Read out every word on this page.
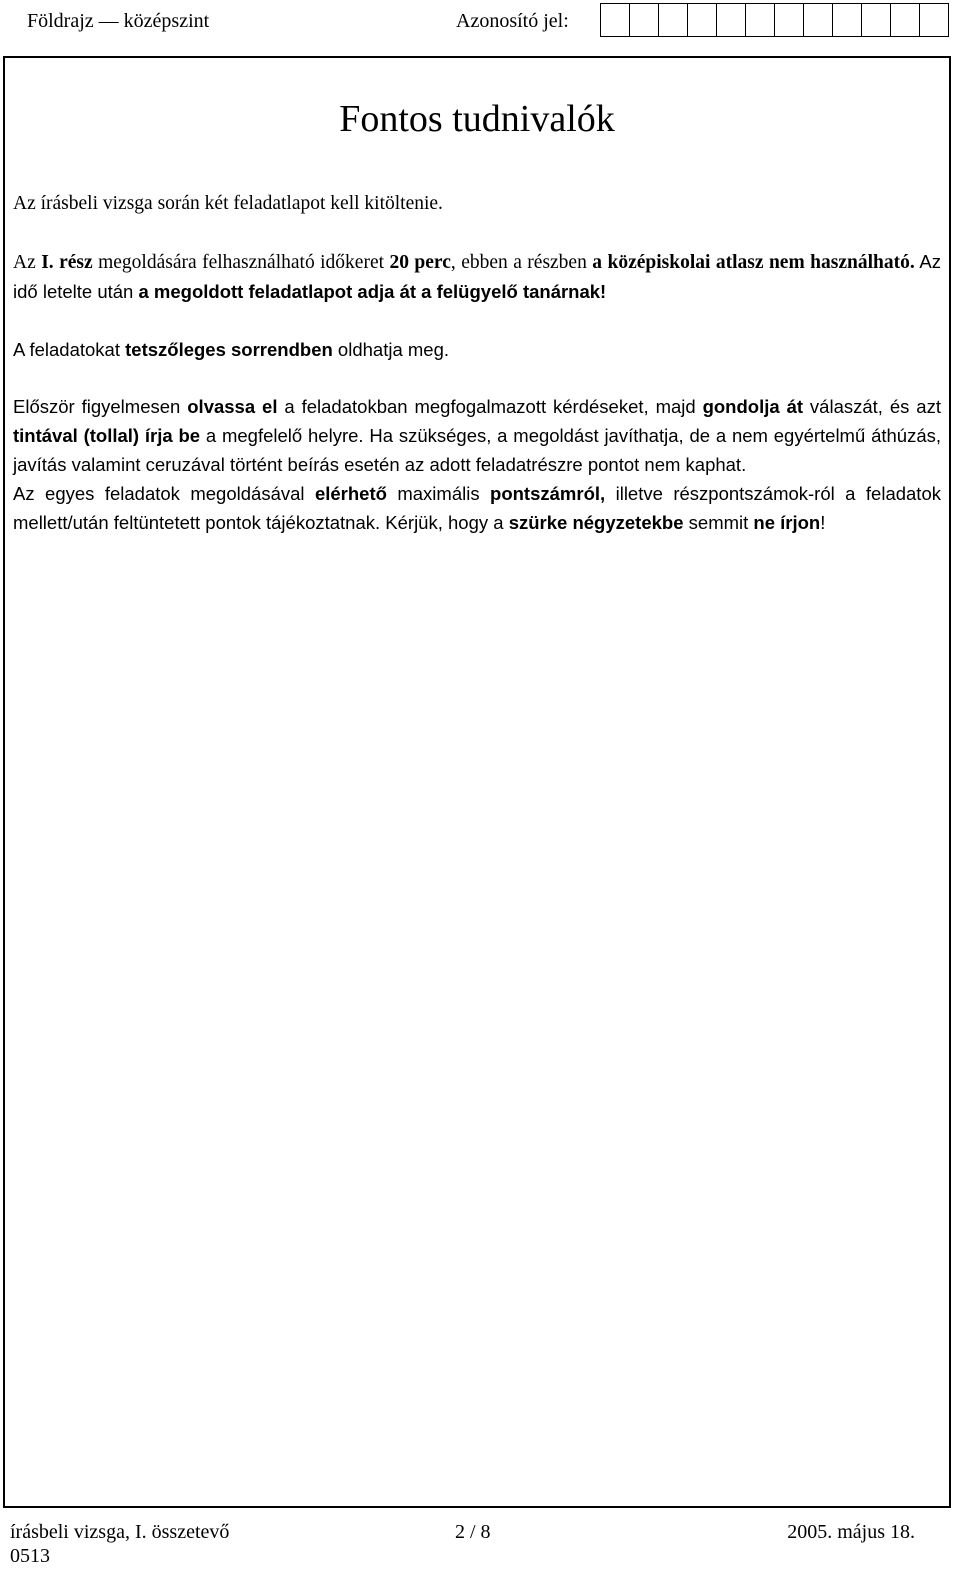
Földrajz — középszint	Azonosító jel:
Fontos tudnivalók

Az írásbeli vizsga során két feladatlapot kell kitöltenie.

Az I. rész megoldására felhasználható időkeret 20 perc, ebben a részben a középiskolai atlasz nem használható. Az idő letelte után a megoldott feladatlapot adja át a felügyelő tanárnak!

A feladatokat tetszőleges sorrendben oldhatja meg.

Először figyelmesen olvassa el a feladatokban megfogalmazott kérdéseket, majd gondolja át válaszát, és azt tintával (tollal) írja be a megfelelő helyre. Ha szükséges, a megoldást javíthatja, de a nem egyértelmű áthúzás, javítás valamint ceruzával történt beírás esetén az adott feladatrészre pontot nem kaphat.

Az egyes feladatok megoldásával elérhető maximális pontszámról, illetve részpontszámok-ról a feladatok mellett/után feltüntetett pontok tájékoztatnak. Kérjük, hogy a szürke négyzetekbe semmit ne írjon!

írásbeli vizsga, I. összetevő	2 / 8	2005. május 18.
0513
